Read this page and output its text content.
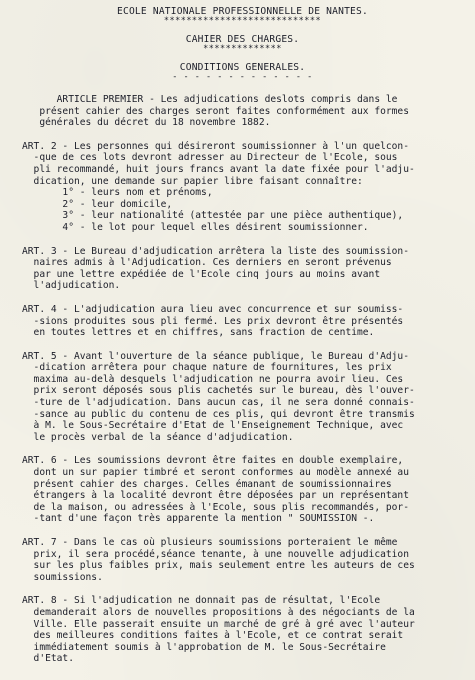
ECOLE NATIONALE PROFESSIONNELLE DE NANTES.
****************************
CAHIER DES CHARGES.
**************
CONDITIONS GENERALES.
- - - - - - - - - - - - -
ARTICLE PREMIER - Les adjudications deslots compris dans le
présent cahier des charges seront faites conformément aux formes
générales du décret du 18 novembre 1882.
ART. 2 - Les personnes qui désireront soumissionner à l'un quelcon-
-que de ces lots devront adresser au Directeur de l'Ecole, sous
pli recommandé, huit jours francs avant la date fixée pour l'adju-
dication, une demande sur papier libre faisant connaître:
1° - leurs nom et prénoms,
2° - leur domicile,
3° - leur nationalité (attestée par une pièce authentique),
4° - le lot pour lequel elles désirent soumissionner.
ART. 3 - Le Bureau d'adjudication arrêtera la liste des soumission-
naires admis à l'Adjudication. Ces derniers en seront prévenus
par une lettre expédiée de l'Ecole cinq jours au moins avant
l'adjudication.
ART. 4 - L'adjudication aura lieu avec concurrence et sur soumiss-
-sions produites sous pli fermé. Les prix devront être présentés
en toutes lettres et en chiffres, sans fraction de centime.
ART. 5 - Avant l'ouverture de la séance publique, le Bureau d'Adju-
-dication arrêtera pour chaque nature de fournitures, les prix
maxima au-delà desquels l'adjudication ne pourra avoir lieu. Ces
prix seront déposés sous plis cachetés sur le bureau, dès l'ouver-
-ture de l'adjudication. Dans aucun cas, il ne sera donné connais-
-sance au public du contenu de ces plis, qui devront être transmis
à M. le Sous-Secrétaire d'Etat de l'Enseignement Technique, avec
le procès verbal de la séance d'adjudication.
ART. 6 - Les soumissions devront être faites en double exemplaire,
dont un sur papier timbré et seront conformes au modèle annexé au
présent cahier des charges. Celles émanant de soumissionnaires
étrangers à la localité devront être déposées par un représentant
de la maison, ou adressées à l'Ecole, sous plis recommandés, por-
-tant d'une façon très apparente la mention " SOUMISSION -.
ART. 7 - Dans le cas où plusieurs soumissions porteraient le même
prix, il sera procédé,séance tenante, à une nouvelle adjudication
sur les plus faibles prix, mais seulement entre les auteurs de ces
soumissions.
ART. 8 - Si l'adjudication ne donnait pas de résultat, l'Ecole
demanderait alors de nouvelles propositions à des négociants de la
Ville. Elle passerait ensuite un marché de gré à gré avec l'auteur
des meilleures conditions faites à l'Ecole, et ce contrat serait
immédiatement soumis à l'approbation de M. le Sous-Secrétaire
d'Etat.
